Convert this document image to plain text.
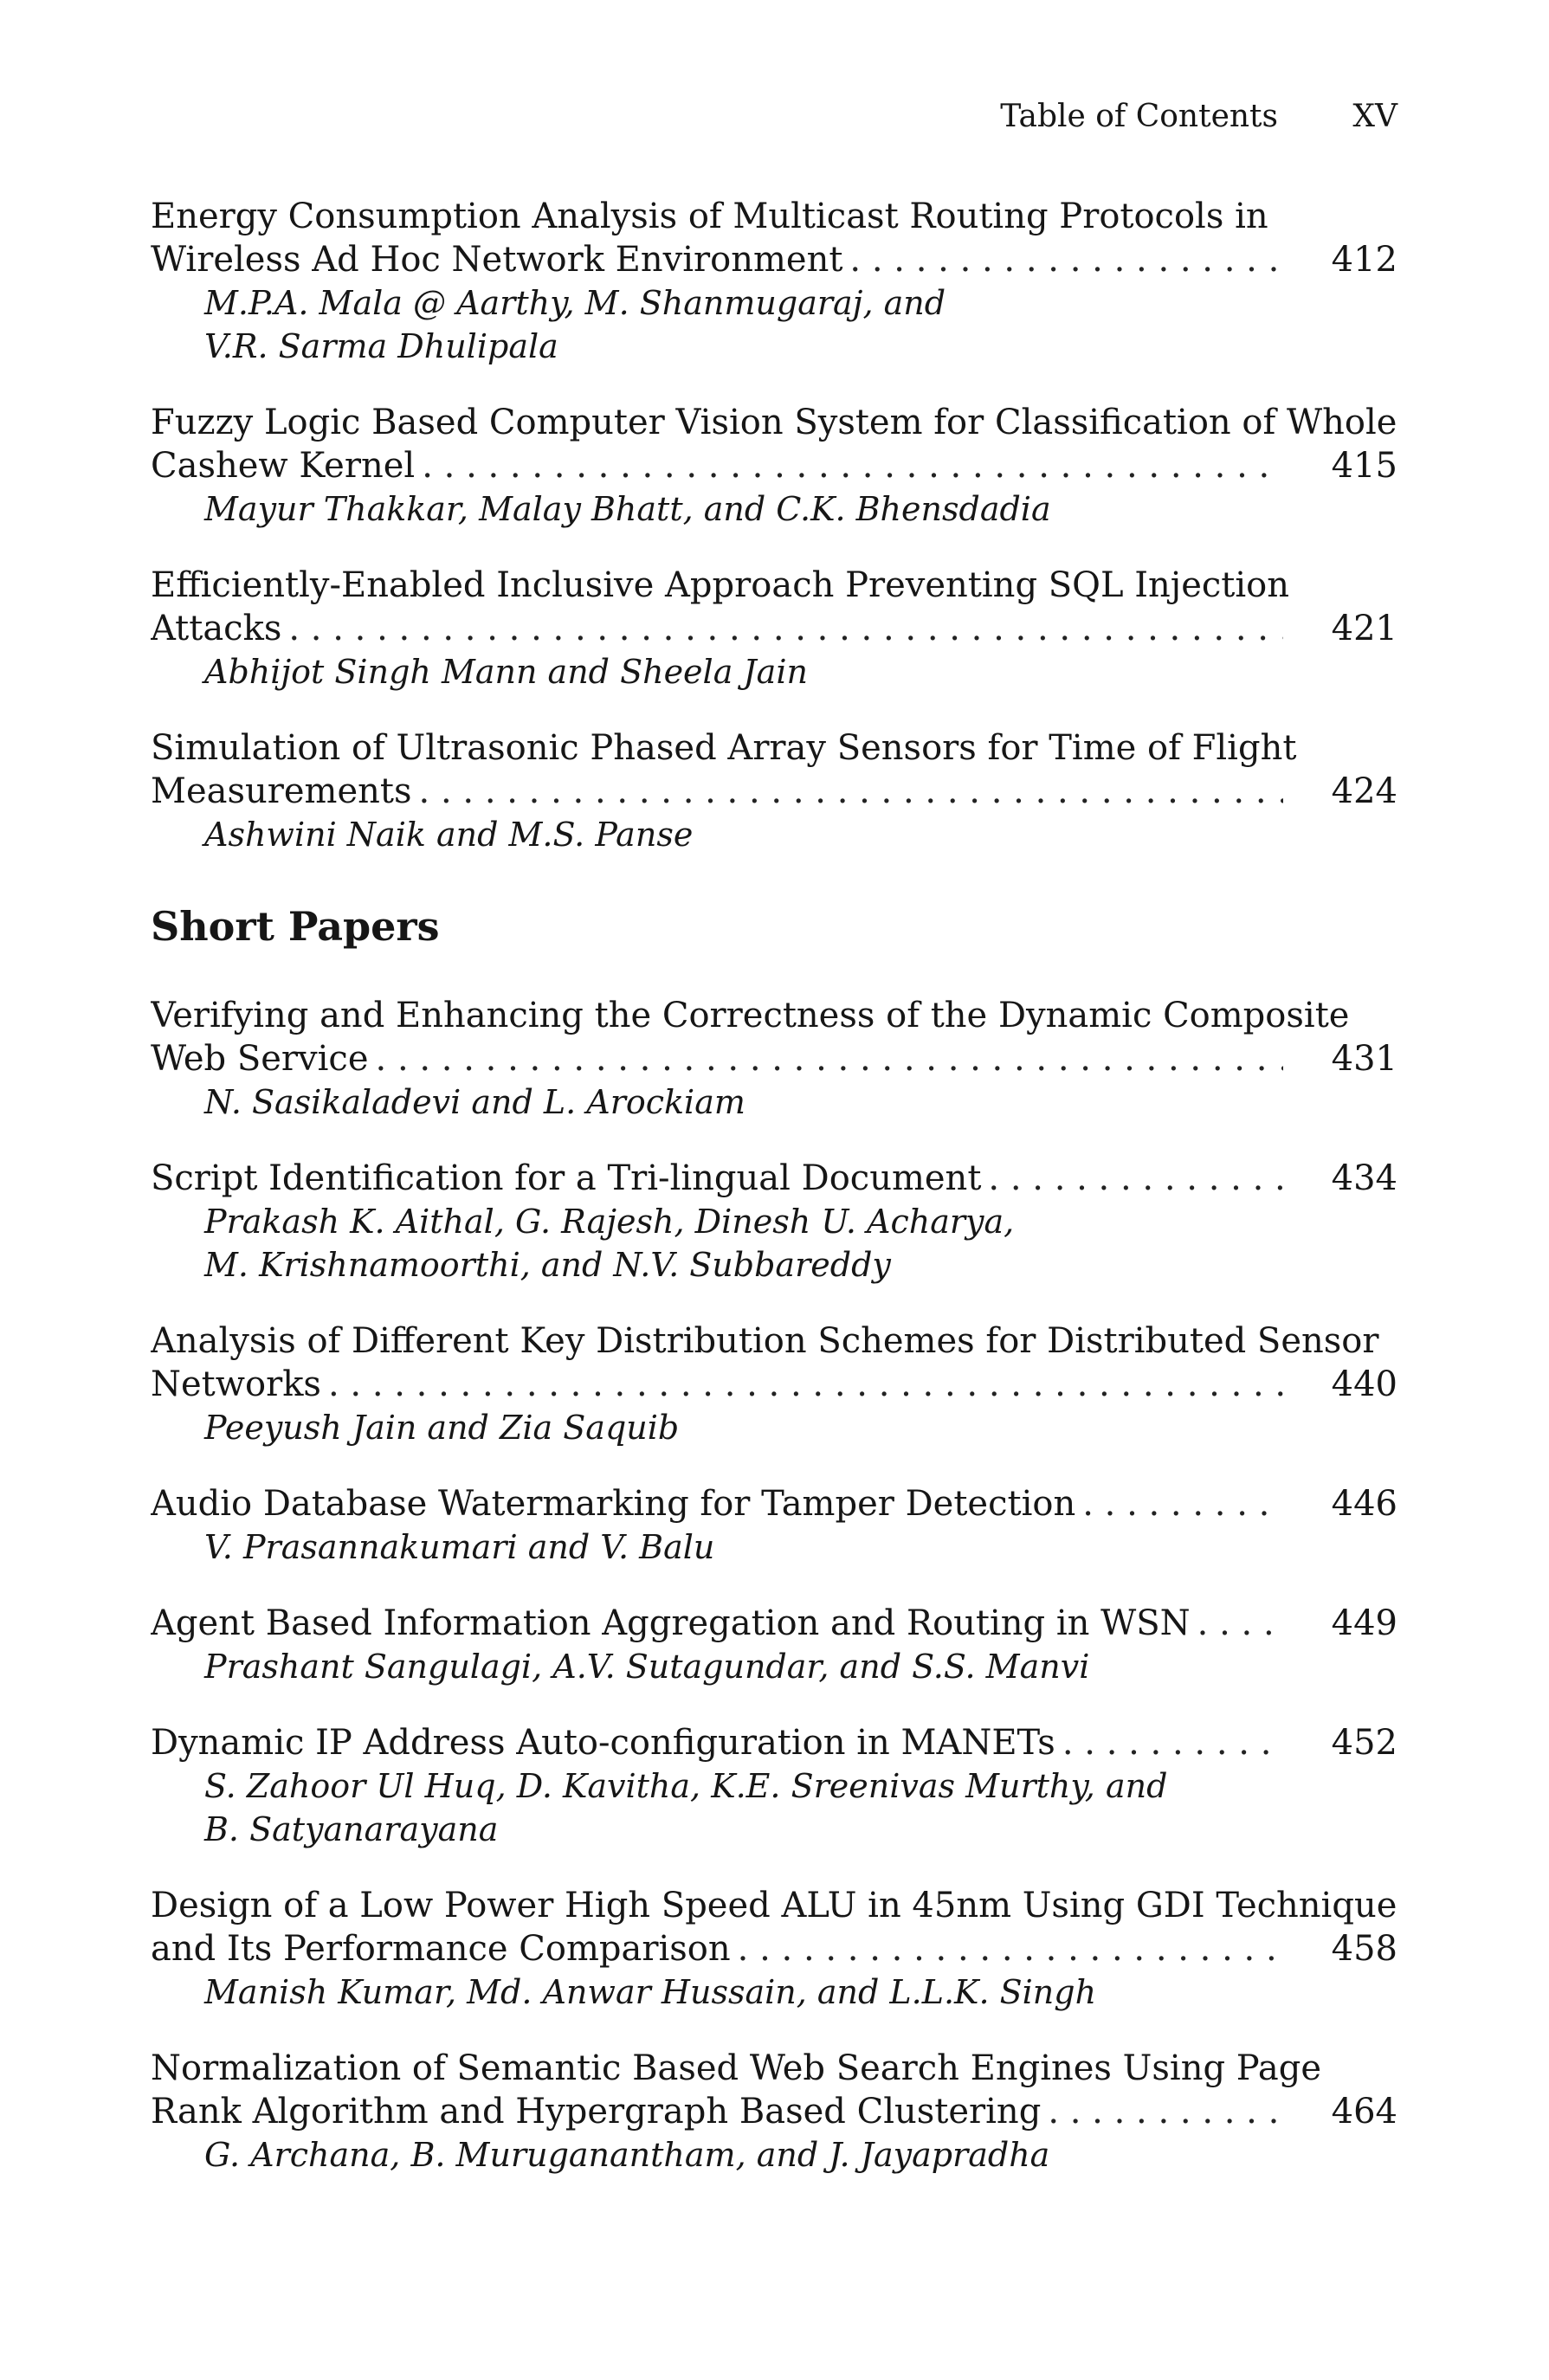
Table of Contents XV
Energy Consumption Analysis of Multicast Routing Protocols in
Wireless Ad Hoc Network Environment . . .	412
M.P.A. Mala @ Aarthy, M. Shanmugaraj, and
V.R. Sarma Dhulipala
Fuzzy Logic Based Computer Vision System for Classification of Whole
Cashew Kernel . . .	415
Mayur Thakkar, Malay Bhatt, and C.K. Bhensdadia
Efficiently-Enabled Inclusive Approach Preventing SQL Injection
Attacks . . .	421
Abhijot Singh Mann and Sheela Jain
Simulation of Ultrasonic Phased Array Sensors for Time of Flight
Measurements . . .	424
Ashwini Naik and M.S. Panse
Short Papers
Verifying and Enhancing the Correctness of the Dynamic Composite
Web Service . . .	431
N. Sasikaladevi and L. Arockiam
Script Identification for a Tri-lingual Document . . .	434
Prakash K. Aithal, G. Rajesh, Dinesh U. Acharya,
M. Krishnamoorthi, and N.V. Subbareddy
Analysis of Different Key Distribution Schemes for Distributed Sensor
Networks . . .	440
Peeyush Jain and Zia Saquib
Audio Database Watermarking for Tamper Detection . . .	446
V. Prasannakumari and V. Balu
Agent Based Information Aggregation and Routing in WSN . . .	449
Prashant Sangulagi, A.V. Sutagundar, and S.S. Manvi
Dynamic IP Address Auto-configuration in MANETs . . .	452
S. Zahoor Ul Huq, D. Kavitha, K.E. Sreenivas Murthy, and
B. Satyanarayana
Design of a Low Power High Speed ALU in 45nm Using GDI Technique
and Its Performance Comparison . . .	458
Manish Kumar, Md. Anwar Hussain, and L.L.K. Singh
Normalization of Semantic Based Web Search Engines Using Page
Rank Algorithm and Hypergraph Based Clustering . . .	464
G. Archana, B. Muruganantham, and J. Jayapradha
